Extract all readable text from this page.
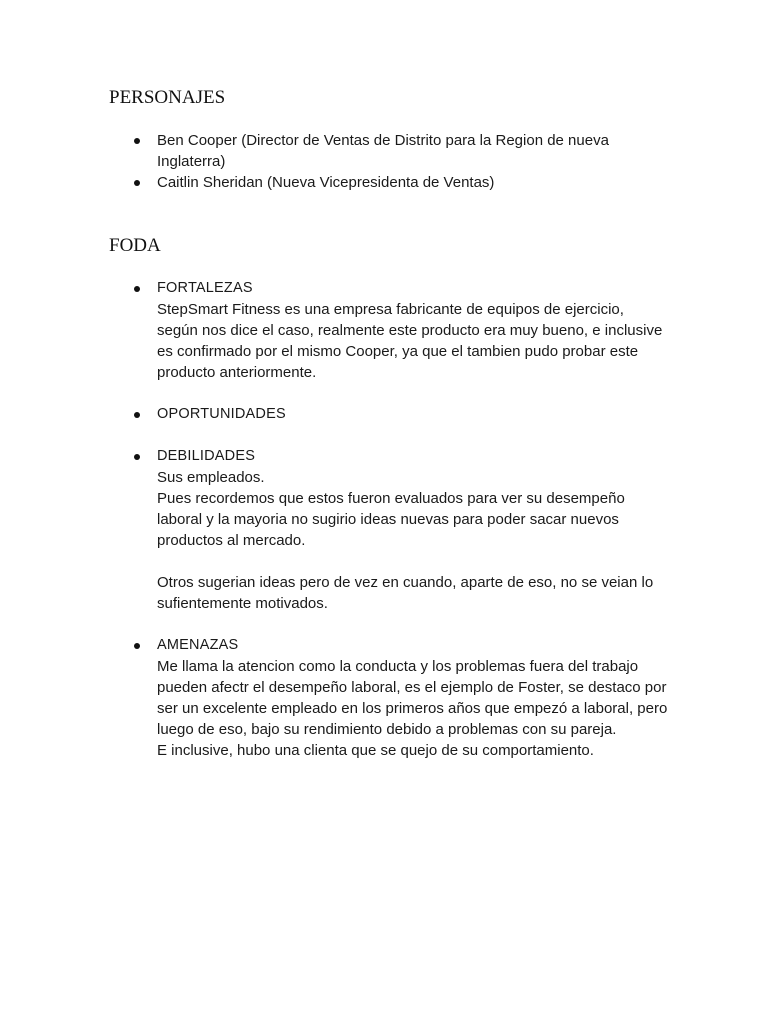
PERSONAJES
Ben Cooper (Director de Ventas de Distrito para la Region de nueva Inglaterra)
Caitlin Sheridan (Nueva Vicepresidenta de Ventas)
FODA
FORTALEZAS
StepSmart Fitness es una empresa fabricante de equipos de ejercicio, según nos dice el caso, realmente este producto era muy bueno, e inclusive es confirmado por el mismo Cooper, ya que el tambien pudo probar este producto anteriormente.
OPORTUNIDADES
DEBILIDADES
Sus empleados.
Pues recordemos que estos fueron evaluados para ver su desempeño laboral y la mayoria no sugirio ideas nuevas para poder sacar nuevos productos al mercado.
Otros sugerian ideas pero de vez en cuando, aparte de eso, no se veian lo sufientemente motivados.
AMENAZAS
Me llama la atencion como la conducta y los problemas fuera del trabajo pueden afectr el desempeño laboral, es el ejemplo de Foster, se destaco por ser un excelente empleado en los primeros años que empezó a laboral, pero luego de eso, bajo su rendimiento debido a problemas con su pareja.
E inclusive, hubo una clienta que se quejo de su comportamiento.
